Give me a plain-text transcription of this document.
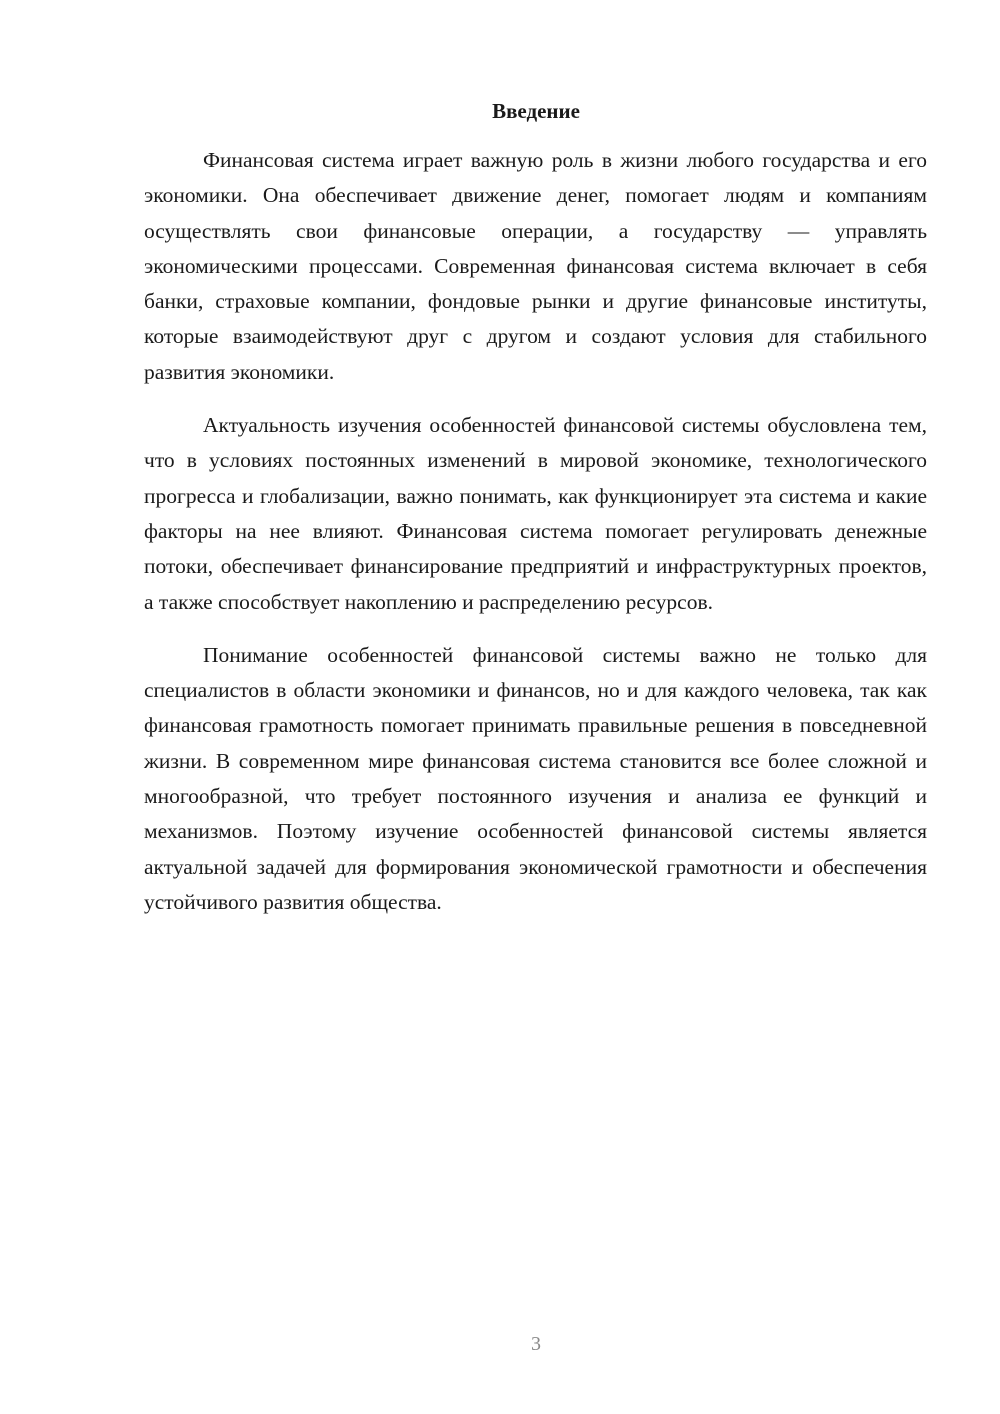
Введение

Финансовая система играет важную роль в жизни любого государства и его экономики. Она обеспечивает движение денег, помогает людям и компаниям осуществлять свои финансовые операции, а государству — управлять экономическими процессами. Современная финансовая система включает в себя банки, страховые компании, фондовые рынки и другие финансовые институты, которые взаимодействуют друг с другом и создают условия для стабильного развития экономики.

Актуальность изучения особенностей финансовой системы обусловлена тем, что в условиях постоянных изменений в мировой экономике, технологического прогресса и глобализации, важно понимать, как функционирует эта система и какие факторы на нее влияют. Финансовая система помогает регулировать денежные потоки, обеспечивает финансирование предприятий и инфраструктурных проектов, а также способствует накоплению и распределению ресурсов.

Понимание особенностей финансовой системы важно не только для специалистов в области экономики и финансов, но и для каждого человека, так как финансовая грамотность помогает принимать правильные решения в повседневной жизни. В современном мире финансовая система становится все более сложной и многообразной, что требует постоянного изучения и анализа ее функций и механизмов. Поэтому изучение особенностей финансовой системы является актуальной задачей для формирования экономической грамотности и обеспечения устойчивого развития общества.

3
